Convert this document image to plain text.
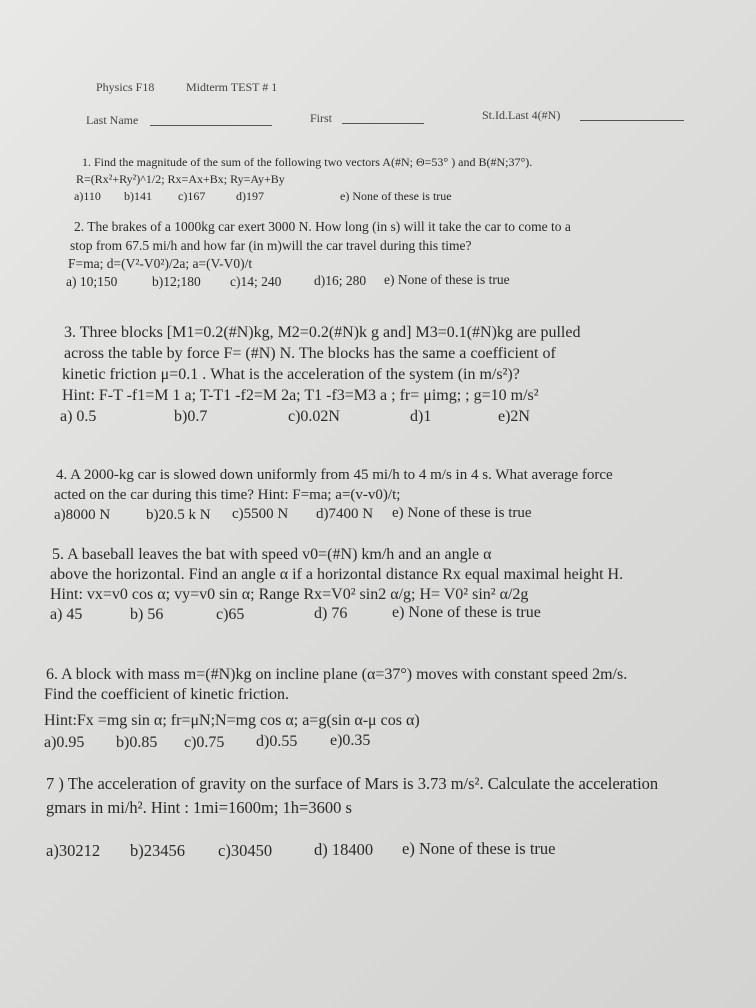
Physics F18	Midterm TEST # 1
Last Name	First	St.Id.Last 4(#N)
1. Find the magnitude of the sum of the following two vectors A(#N; Θ=53° ) and B(#N;37°).
R=(Rx²+Ry²)^1/2; Rx=Ax+Bx; Ry=Ay+By
a)110 b)141 c)167	d)197	e) None of these is true
2. The brakes of a 1000kg car exert 3000 N. How long (in s) will it take the car to come to a
stop from 67.5 mi/h and how far (in m)will the car travel during this time?
F=ma; d=(V²-V0²)/2a; a=(V-V0)/t
a) 10;150	b)12;180 c)14; 240 d)16; 280 e) None of these is true
3. Three blocks [M1=0.2(#N)kg, M2=0.2(#N)k g and] M3=0.1(#N)kg are pulled
across the table by force F= (#N) N. The blocks has the same a coefficient of
kinetic friction μ=0.1 . What is the acceleration of the system (in m/s²)?
Hint: F-T -f1=M 1 a; T-T1 -f2=M 2a; T1 -f3=M3 a ; fr= μimg; ; g=10 m/s²
a) 0.5	b)0.7	c)0.02N	d)1	e)2N
4. A 2000-kg car is slowed down uniformly from 45 mi/h to 4 m/s in 4 s. What average force
acted on the car during this time? Hint: F=ma; a=(v-v0)/t;
a)8000 N b)20.5 k N c)5500 N d)7400 N e) None of these is true
5. A baseball leaves the bat with speed v0=(#N) km/h and an angle α
above the horizontal. Find an angle α if a horizontal distance Rx equal maximal height H.
Hint: vx=v0 cos α; vy=v0 sin α; Range Rx=V0² sin2 α/g; H= V0² sin² α/2g
a) 45	b) 56	c)65	d) 76	e) None of these is true
6. A block with mass m=(#N)kg on incline plane (α=37°) moves with constant speed 2m/s.
Find the coefficient of kinetic friction.
Hint:Fx =mg sin α; fr=μN;N=mg cos α; a=g(sin α-μ cos α)
a)0.95 b)0.85 c)0.75 d)0.55 e)0.35
7 ) The acceleration of gravity on the surface of Mars is 3.73 m/s². Calculate the acceleration
gmars in mi/h². Hint : 1mi=1600m; 1h=3600 s
a)30212 b)23456 c)30450	d) 18400 e) None of these is true
